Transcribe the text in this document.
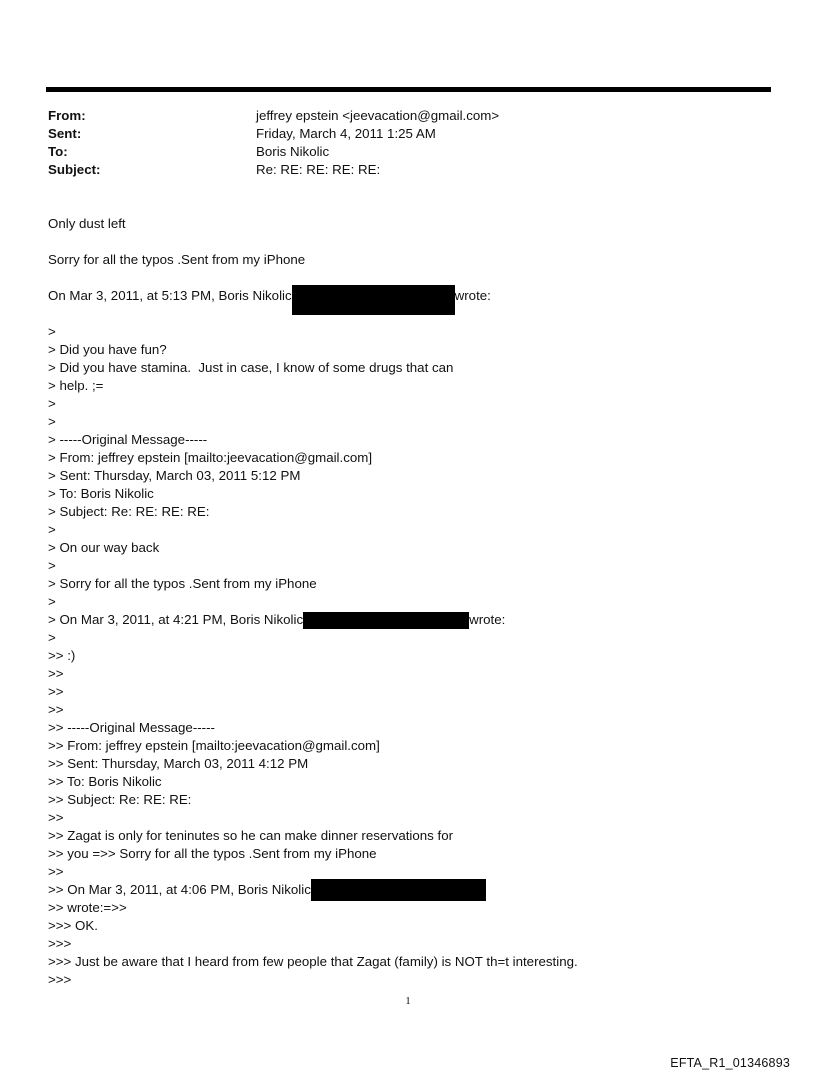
From:	jeffrey epstein <jeevacation@gmail.com>
Sent:	Friday, March 4, 2011 1:25 AM
To:	Boris Nikolic
Subject:	Re: RE: RE: RE: RE:
Only dust left
Sorry for all the typos .Sent from my iPhone
On Mar 3, 2011, at 5:13 PM, Boris Nikolic	wrote:
>
> Did you have fun?
> Did you have stamina.  Just in case, I know of some drugs that can
> help. ;=
>
>
> -----Original Message-----
> From: jeffrey epstein [mailto:jeevacation@gmail.com]
> Sent: Thursday, March 03, 2011 5:12 PM
> To: Boris Nikolic
> Subject: Re: RE: RE: RE:
>
> On our way back
>
> Sorry for all the typos .Sent from my iPhone
>
> On Mar 3, 2011, at 4:21 PM, Boris Nikolic	wrote:
>
>> :)
>>
>>
>>
>> -----Original Message-----
>> From: jeffrey epstein [mailto:jeevacation@gmail.com]
>> Sent: Thursday, March 03, 2011 4:12 PM
>> To: Boris Nikolic
>> Subject: Re: RE: RE:
>>
>> Zagat is only for teninutes so he can make dinner reservations for
>> you =>> Sorry for all the typos .Sent from my iPhone
>>
>> On Mar 3, 2011, at 4:06 PM, Boris Nikolic
>> wrote:=>>
>>> OK.
>>>
>>> Just be aware that I heard from few people that Zagat (family) is NOT th=t interesting.
>>>
1
EFTA_R1_01346893
